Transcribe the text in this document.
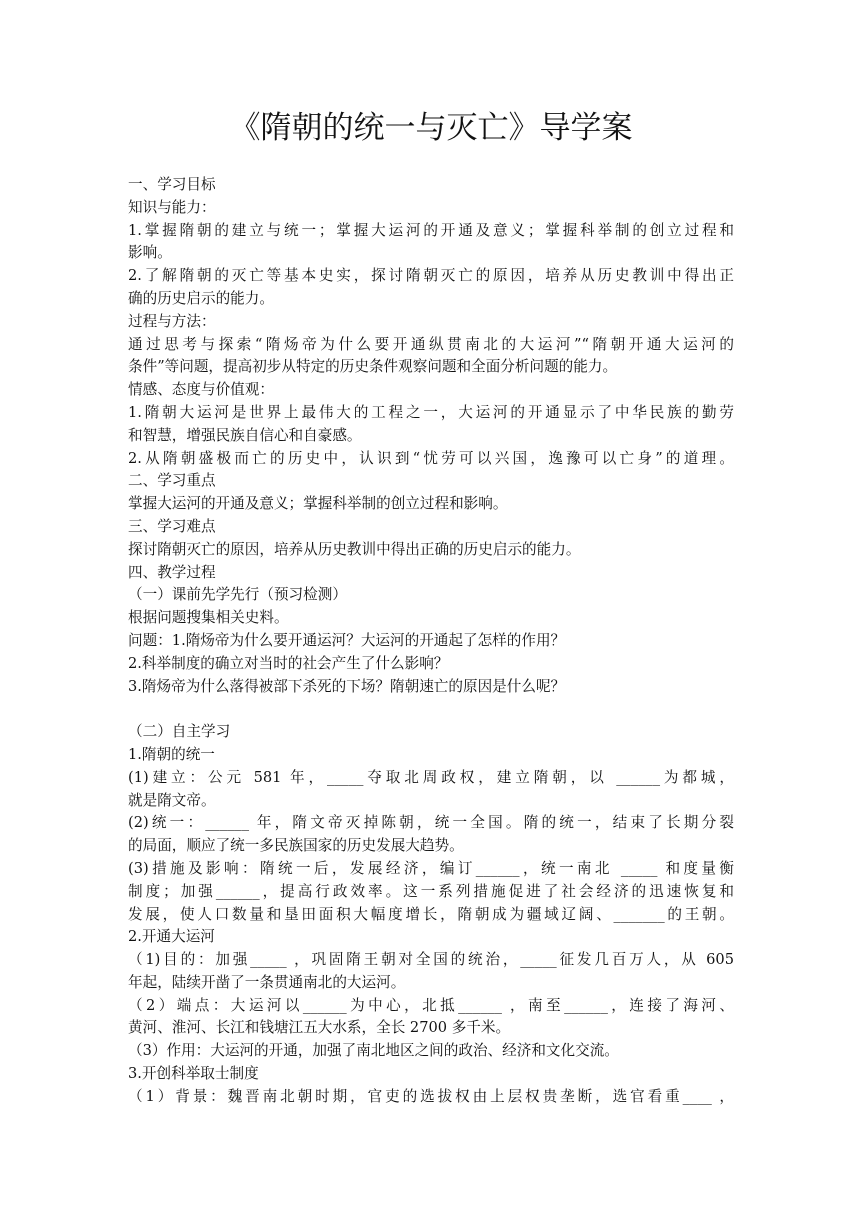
《隋朝的统一与灭亡》导学案
一、学习目标
知识与能力：
1.掌握隋朝的建立与统一；掌握大运河的开通及意义；掌握科举制的创立过程和
影响。
2.了解隋朝的灭亡等基本史实，探讨隋朝灭亡的原因，培养从历史教训中得出正
确的历史启示的能力。
过程与方法：
通过思考与探索“隋炀帝为什么要开通纵贯南北的大运河”“隋朝开通大运河的
条件”等问题，提高初步从特定的历史条件观察问题和全面分析问题的能力。
情感、态度与价值观：
1.隋朝大运河是世界上最伟大的工程之一，大运河的开通显示了中华民族的勤劳
和智慧，增强民族自信心和自豪感。
2.从隋朝盛极而亡的历史中，认识到“忧劳可以兴国，逸豫可以亡身”的道理。
二、学习重点
掌握大运河的开通及意义；掌握科举制的创立过程和影响。
三、学习难点
探讨隋朝灭亡的原因，培养从历史教训中得出正确的历史启示的能力。
四、教学过程
（一）课前先学先行（预习检测）
根据问题搜集相关史料。
问题：1.隋炀帝为什么要开通运河？大运河的开通起了怎样的作用？
2.科举制度的确立对当时的社会产生了什么影响？
3.隋炀帝为什么落得被部下杀死的下场？隋朝速亡的原因是什么呢？
（二）自主学习
1.隋朝的统一
(1)建立：公元 581 年，_____夺取北周政权，建立隋朝，以 ______为都城，
就是隋文帝。
(2)统一：______ 年，隋文帝灭掉陈朝，统一全国。隋的统一，结束了长期分裂
的局面，顺应了统一多民族国家的历史发展大趋势。
(3)措施及影响：隋统一后，发展经济，编订______，统一南北 _____ 和度量衡
制度；加强______，提高行政效率。这一系列措施促进了社会经济的迅速恢复和
发展，使人口数量和垦田面积大幅度增长，隋朝成为疆域辽阔、_______的王朝。
2.开通大运河
（1)目的：加强_____ ，巩固隋王朝对全国的统治，_____征发几百万人，从 605
年起，陆续开凿了一条贯通南北的大运河。
（2）端点：大运河以______为中心，北抵______ ，南至______，连接了海河、
黄河、淮河、长江和钱塘江五大水系，全长 2700 多千米。
（3）作用：大运河的开通，加强了南北地区之间的政治、经济和文化交流。
3.开创科举取士制度
（1）背景：魏晋南北朝时期，官吏的选拔权由上层权贵垄断，选官看重____ ，
